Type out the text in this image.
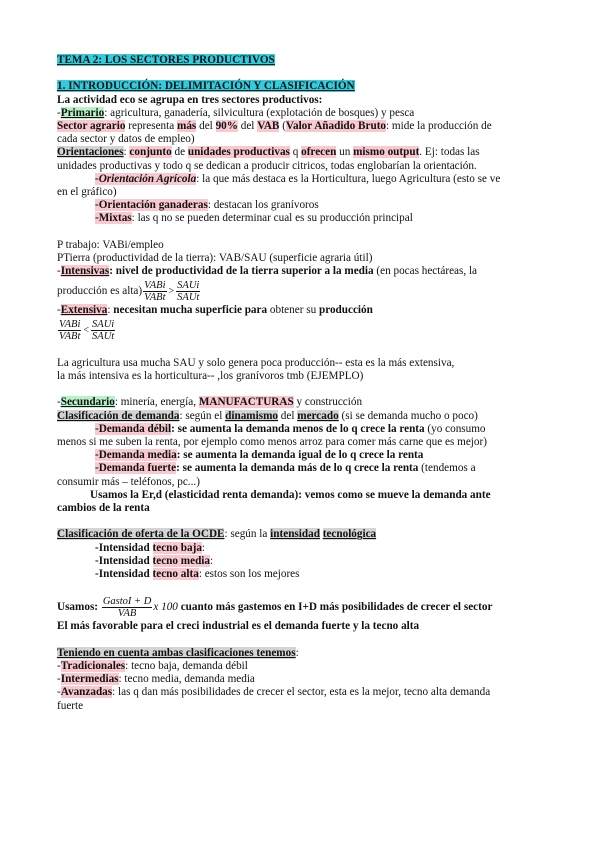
TEMA 2: LOS SECTORES PRODUCTIVOS
1. INTRODUCCIÓN: DELIMITACIÓN Y CLASIFICACIÓN
La actividad eco se agrupa en tres sectores productivos:
-Primario: agricultura, ganadería, silvicultura (explotación de bosques) y pesca
Sector agrario representa más del 90% del VAB (Valor Añadido Bruto: mide la producción de
cada sector y datos de empleo)
Orientaciones: conjunto de unidades productivas q ofrecen un mismo output. Ej: todas las
unidades productivas y todo q se dedican a producir citricos, todas englobarían la orientación.
-Orientación Agrícola: la que más destaca es la Horticultura, luego Agricultura (esto se ve
en el gráfico)
-Orientación ganaderas: destacan los granívoros
-Mixtas: las q no se pueden determinar cual es su producción principal
P trabajo: VABi/empleo
PTierra (productividad de la tierra): VAB/SAU (superficie agraria útil)
-Intensivas: nivel de productividad de la tierra superior a la media (en pocas hectáreas, la
producción es alta) $\frac{\text{VABi}}{\text{VABt}} > \frac{\text{SAUi}}{\text{SAUt}}$
-Extensiva: necesitan mucha superficie para obtener su producción
$\frac{\text{VABi}}{\text{VABt}} < \frac{\text{SAUi}}{\text{SAUt}}$
La agricultura usa mucha SAU y solo genera poca producción-- esta es la más extensiva,
la más intensiva es la horticultura-- ,los granívoros tmb (EJEMPLO)
-Secundario: minería, energía, MANUFACTURAS y construcción
Clasificación de demanda: según el dinamismo del mercado (si se demanda mucho o poco)
-Demanda débil: se aumenta la demanda menos de lo q crece la renta (yo consumo
menos si me suben la renta, por ejemplo como menos arroz para comer más carne que es mejor)
-Demanda media: se aumenta la demanda igual de lo q crece la renta
-Demanda fuerte: se aumenta la demanda más de lo q crece la renta (tendemos a
consumir más – teléfonos, pc...)
Usamos la Er,d (elasticidad renta demanda): vemos como se mueve la demanda ante
cambios de la renta
Clasificación de oferta de la OCDE: según la intensidad tecnológica
-Intensidad tecno baja:
-Intensidad tecno media:
-Intensidad tecno alta: estos son los mejores
Usamos:
$\frac{\text{GastoI + D}}{\text{VAB}}$ x 100
cuanto más gastemos en I+D más posibilidades de crecer el sector
El más favorable para el creci industrial es el demanda fuerte y la tecno alta
Teniendo en cuenta ambas clasificaciones tenemos:
-Tradicionales: tecno baja, demanda débil
-Intermedias: tecno media, demanda media
-Avanzadas: las q dan más posibilidades de crecer el sector, esta es la mejor, tecno alta demanda
fuerte
